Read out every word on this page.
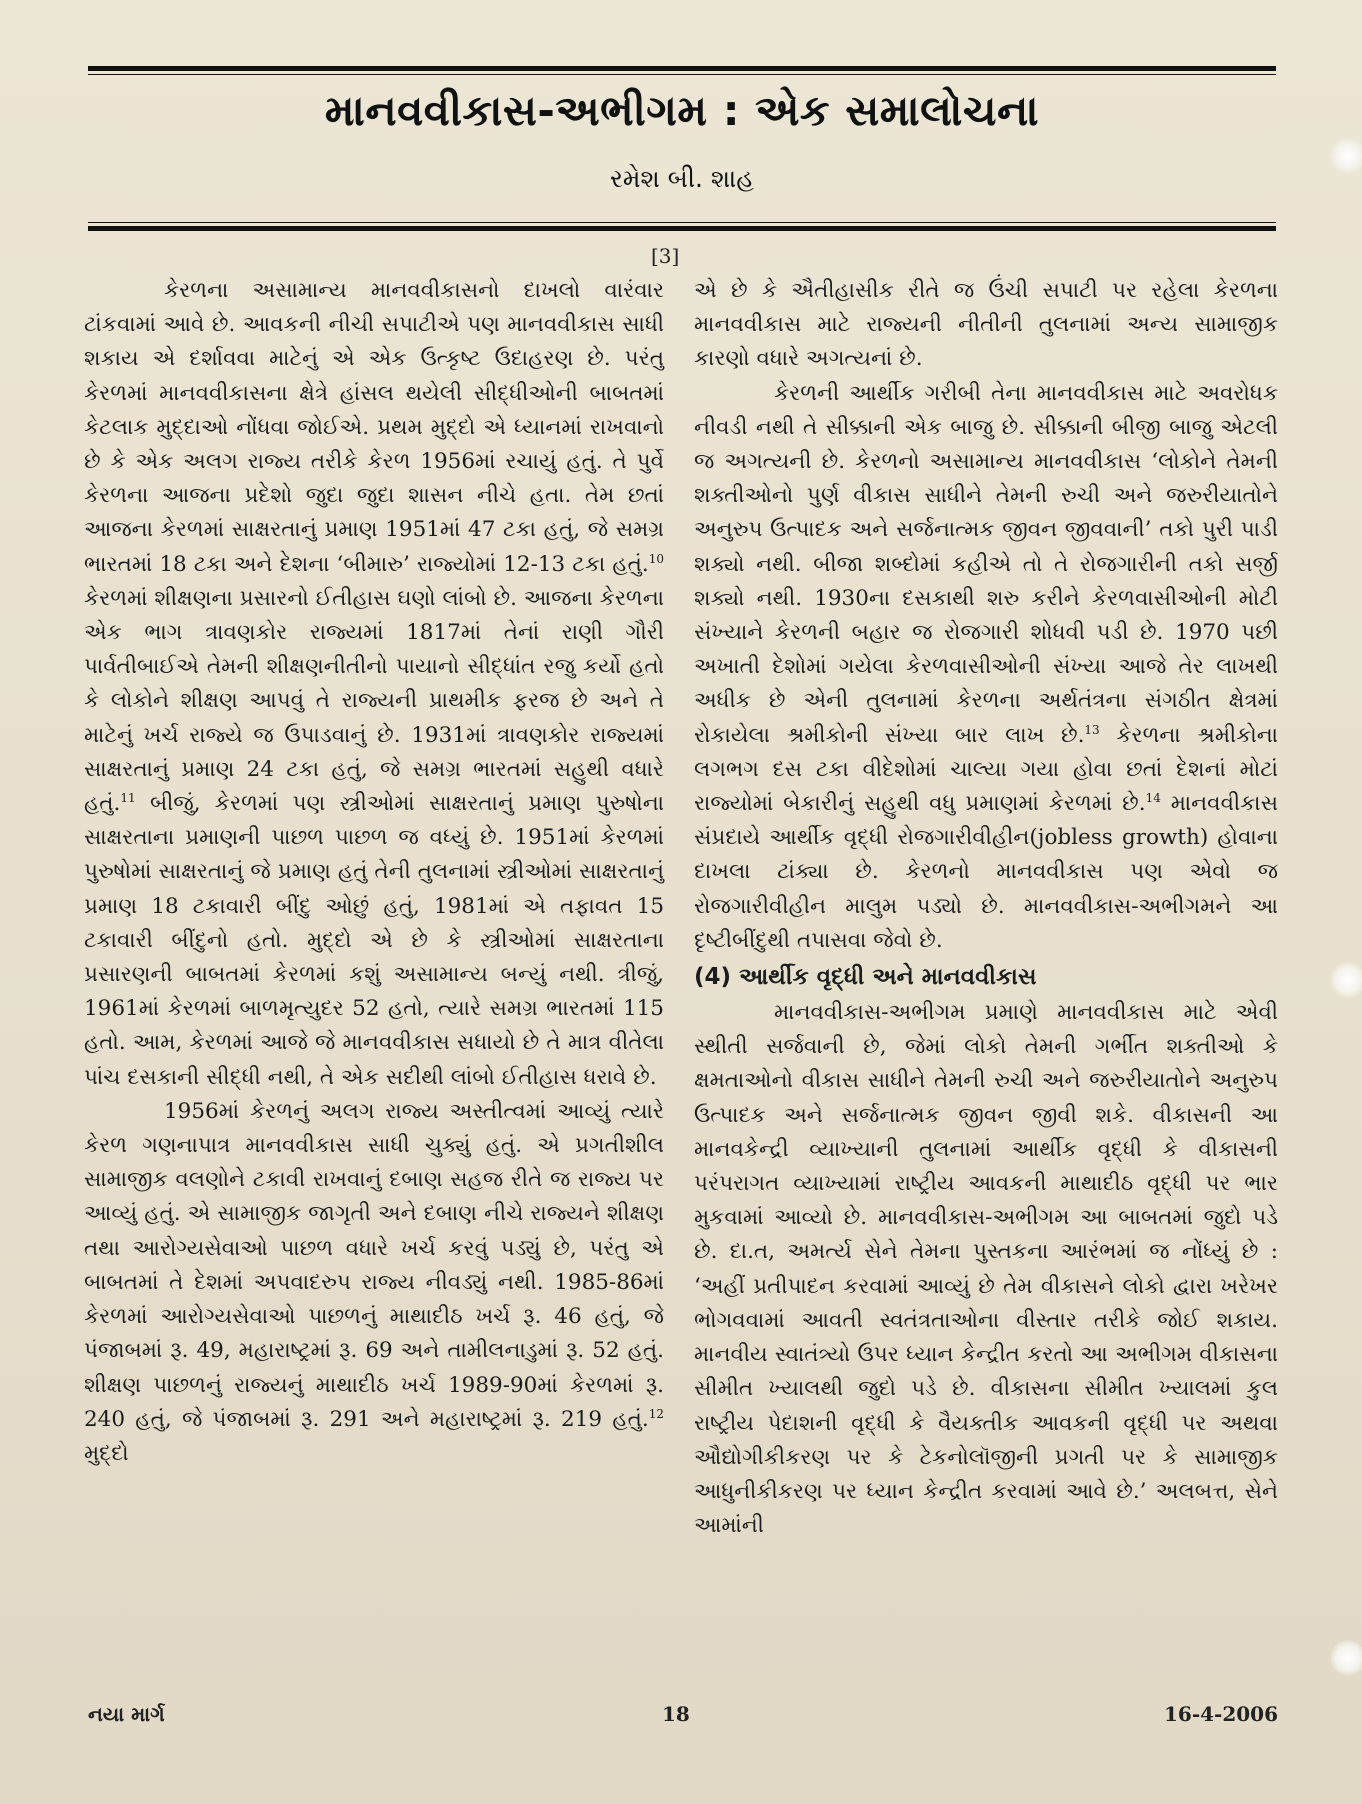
માનવવીકાસ-અભીગમ : એક સમાલોચના
રમેશ બી. શાહ
[3]

કેરળના અસામાન્ય માનવવીકાસનો દાખલો વારંવાર ટાંકવામાં આવે છે. આવકની નીચી સપાટીએ પણ માનવવીકાસ સાધી શકાય એ દર્શાવવા માટેનું એ એક ઉત્કૃષ્ટ ઉદાહરણ છે. પરંતુ કેરળમાં માનવવીકાસના ક્ષેત્રે હાંસલ થયેલી સીદ્ધીઓની બાબતમાં કેટલાક મુદ્દાઓ નોંધવા જોઈએ. પ્રથમ મુદ્દો એ ધ્યાનમાં રાખવાનો છે કે એક અલગ રાજ્ય તરીકે કેરળ 1956માં રચાયું હતું. તે પુર્વે કેરળના આજના પ્રદેશો જુદા જુદા શાસન નીચે હતા. તેમ છતાં આજના કેરળમાં સાક્ષરતાનું પ્રમાણ 1951માં 47 ટકા હતું, જે સમગ્ર ભારતમાં 18 ટકા અને દેશના ‘બીમારુ’ રાજ્યોમાં 12-13 ટકા હતું.$^{10}$ કેરળમાં શીક્ષણના પ્રસારનો ઈતીહાસ ઘણો લાંબો છે. આજના કેરળના એક ભાગ ત્રાવણકોર રાજ્યમાં 1817માં તેનાં રાણી ગૌરી પાર્વતીબાઈએ તેમની શીક્ષણનીતીનો પાયાનો સીદ્ધાંત રજુ કર્યો હતો કે લોકોને શીક્ષણ આપવું તે રાજ્યની પ્રાથમીક ફરજ છે અને તે માટેનું ખર્ચ રાજ્યે જ ઉપાડવાનું છે. 1931માં ત્રાવણકોર રાજ્યમાં સાક્ષરતાનું પ્રમાણ 24 ટકા હતું, જે સમગ્ર ભારતમાં સહુથી વધારે હતું.$^{11}$ બીજું, કેરળમાં પણ સ્ત્રીઓમાં સાક્ષરતાનું પ્રમાણ પુરુષોના સાક્ષરતાના પ્રમાણની પાછળ પાછળ જ વધ્યું છે. 1951માં કેરળમાં પુરુષોમાં સાક્ષરતાનું જે પ્રમાણ હતું તેની તુલનામાં સ્ત્રીઓમાં સાક્ષરતાનું પ્રમાણ 18 ટકાવારી બીંદુ ઓછું હતું, 1981માં એ તફાવત 15 ટકાવારી બીંદુનો હતો. મુદ્દો એ છે કે સ્ત્રીઓમાં સાક્ષરતાના પ્રસારણની બાબતમાં કેરળમાં કશું અસામાન્ય બન્યું નથી. ત્રીજું, 1961માં કેરળમાં બાળમૃત્યુદર 52 હતો, ત્યારે સમગ્ર ભારતમાં 115 હતો. આમ, કેરળમાં આજે જે માનવવીકાસ સધાયો છે તે માત્ર વીતેલા પાંચ દસકાની સીદ્ધી નથી, તે એક સદીથી લાંબો ઈતીહાસ ધરાવે છે.

1956માં કેરળનું અલગ રાજ્ય અસ્તીત્વમાં આવ્યું ત્યારે કેરળ ગણનાપાત્ર માનવવીકાસ સાધી ચુક્યું હતું. એ પ્રગતીશીલ સામાજીક વલણોને ટકાવી રાખવાનું દબાણ સહજ રીતે જ રાજ્ય પર આવ્યું હતું. એ સામાજીક જાગૃતી અને દબાણ નીચે રાજ્યને શીક્ષણ તથા આરોગ્યસેવાઓ પાછળ વધારે ખર્ચ કરવું પડ્યું છે, પરંતુ એ બાબતમાં તે દેશમાં અપવાદરુપ રાજ્ય નીવડ્યું નથી. 1985-86માં કેરળમાં આરોગ્યસેવાઓ પાછળનું માથાદીઠ ખર્ચ રૂ. 46 હતું, જે પંજાબમાં રૂ. 49, મહારાષ્ટ્રમાં રૂ. 69 અને તામીલનાડુમાં રૂ. 52 હતું. શીક્ષણ પાછળનું રાજ્યનું માથાદીઠ ખર્ચ 1989-90માં કેરળમાં રૂ. 240 હતું, જે પંજાબમાં રૂ. 291 અને મહારાષ્ટ્રમાં રૂ. 219 હતું.$^{12}$ મુદ્દો

એ છે કે ઐતીહાસીક રીતે જ ઉંચી સપાટી પર રહેલા કેરળના માનવવીકાસ માટે રાજ્યની નીતીની તુલનામાં અન્ય સામાજીક કારણો વધારે અગત્યનાં છે.

કેરળની આર્થીક ગરીબી તેના માનવવીકાસ માટે અવરોધક નીવડી નથી તે સીક્કાની એક બાજુ છે. સીક્કાની બીજી બાજુ એટલી જ અગત્યની છે. કેરળનો અસામાન્ય માનવવીકાસ ‘લોકોને તેમની શક્તીઓનો પુર્ણ વીકાસ સાધીને તેમની રુચી અને જરુરીયાતોને અનુરુપ ઉત્પાદક અને સર્જનાત્મક જીવન જીવવાની’ તકો પુરી પાડી શક્યો નથી. બીજા શબ્દોમાં કહીએ તો તે રોજગારીની તકો સર્જી શક્યો નથી. 1930ના દસકાથી શરુ કરીને કેરળવાસીઓની મોટી સંખ્યાને કેરળની બહાર જ રોજગારી શોધવી પડી છે. 1970 પછી અખાતી દેશોમાં ગયેલા કેરળવાસીઓની સંખ્યા આજે તેર લાખથી અધીક છે એની તુલનામાં કેરળના અર્થતંત્રના સંગઠીત ક્ષેત્રમાં રોકાયેલા શ્રમીકોની સંખ્યા બાર લાખ છે.$^{13}$ કેરળના શ્રમીકોના લગભગ દસ ટકા વીદેશોમાં ચાલ્યા ગયા હોવા છતાં દેશનાં મોટાં રાજ્યોમાં બેકારીનું સહુથી વધુ પ્રમાણમાં કેરળમાં છે.$^{14}$ માનવવીકાસ સંપ્રદાયે આર્થીક વૃદ્ધી રોજગારીવીહીન(jobless growth) હોવાના દાખલા ટાંક્યા છે. કેરળનો માનવવીકાસ પણ એવો જ રોજગારીવીહીન માલુમ પડ્યો છે. માનવવીકાસ-અભીગમને આ દૃષ્ટીબીંદુથી તપાસવા જેવો છે.

(4) આર્થીક વૃદ્ધી અને માનવવીકાસ

માનવવીકાસ-અભીગમ પ્રમાણે માનવવીકાસ માટે એવી સ્થીતી સર્જવાની છે, જેમાં લોકો તેમની ગર્ભીત શક્તીઓ કે ક્ષમતાઓનો વીકાસ સાધીને તેમની રુચી અને જરુરીયાતોને અનુરુપ ઉત્પાદક અને સર્જનાત્મક જીવન જીવી શકે. વીકાસની આ માનવકેન્દ્રી વ્યાખ્યાની તુલનામાં આર્થીક વૃદ્ધી કે વીકાસની પરંપરાગત વ્યાખ્યામાં રાષ્ટ્રીય આવકની માથાદીઠ વૃદ્ધી પર ભાર મુકવામાં આવ્યો છે. માનવવીકાસ-અભીગમ આ બાબતમાં જુદો પડે છે. દા.ત, અમર્ત્ય સેને તેમના પુસ્તકના આરંભમાં જ નોંધ્યું છે : ‘અહીં પ્રતીપાદન કરવામાં આવ્યું છે તેમ વીકાસને લોકો દ્વારા ખરેખર ભોગવવામાં આવતી સ્વતંત્રતાઓના વીસ્તાર તરીકે જોઈ શકાય. માનવીય સ્વાતંત્ર્યો ઉપર ધ્યાન કેન્દ્રીત કરતો આ અભીગમ વીકાસના સીમીત ખ્યાલથી જુદો પડે છે. વીકાસના સીમીત ખ્યાલમાં કુલ રાષ્ટ્રીય પેદાશની વૃદ્ધી કે વૈયક્તીક આવકની વૃદ્ધી પર અથવા ઔદ્યોગીકીકરણ પર કે ટેકનોલૉજીની પ્રગતી પર કે સામાજીક આધુનીકીકરણ પર ધ્યાન કેન્દ્રીત કરવામાં આવે છે.’ અલબત્ત, સેને આમાંની

નયા માર્ગ	18	16-4-2006
